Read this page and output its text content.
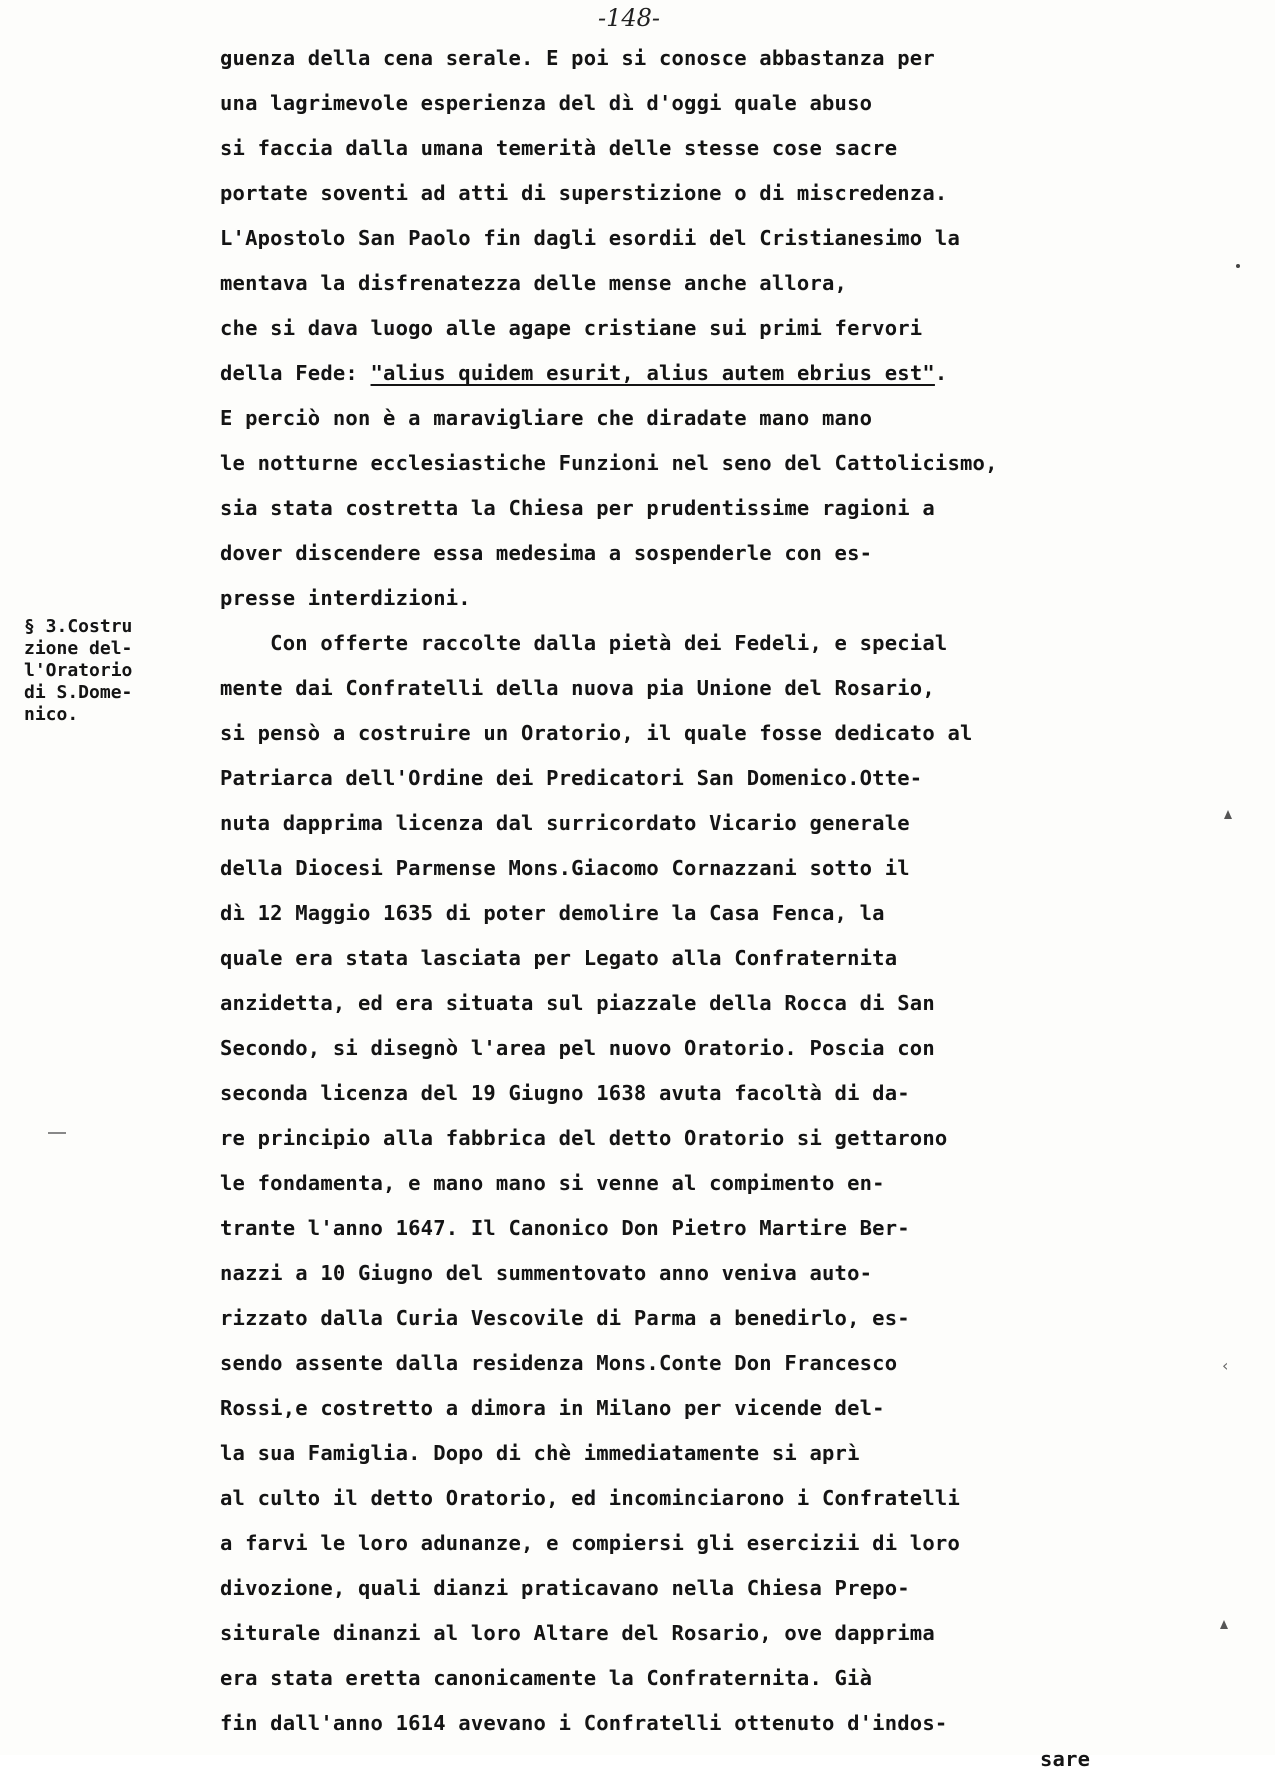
-148-
§ 3.Costru
zione del-
l'Oratorio
di S.Dome-
nico.
guenza della cena serale. E poi si conosce abbastanza per
una lagrimevole esperienza del dì d'oggi quale abuso
si faccia dalla umana temerità delle stesse cose sacre
portate soventi ad atti di superstizione o di miscredenza.
L'Apostolo San Paolo fin dagli esordii del Cristianesimo la
mentava la disfrenatezza delle mense anche allora,
che si dava luogo alle agape cristiane sui primi fervori
della Fede: "alius quidem esurit, alius autem ebrius est".
E perciò non è a maravigliare che diradate mano mano
le notturne ecclesiastiche Funzioni nel seno del Cattolicismo,
sia stata costretta la Chiesa per prudentissime ragioni a
dover discendere essa medesima a sospenderle con es-
presse interdizioni.
Con offerte raccolte dalla pietà dei Fedeli, e special
mente dai Confratelli della nuova pia Unione del Rosario,
si pensò a costruire un Oratorio, il quale fosse dedicato al
Patriarca dell'Ordine dei Predicatori San Domenico.Otte-
nuta dapprima licenza dal surricordato Vicario generale
della Diocesi Parmense Mons.Giacomo Cornazzani sotto il
dì 12 Maggio 1635 di poter demolire la Casa Fenca, la
quale era stata lasciata per Legato alla Confraternita
anzidetta, ed era situata sul piazzale della Rocca di San
Secondo, si disegnò l'area pel nuovo Oratorio. Poscia con
seconda licenza del 19 Giugno 1638 avuta facoltà di da-
re principio alla fabbrica del detto Oratorio si gettarono
le fondamenta, e mano mano si venne al compimento en-
trante l'anno 1647. Il Canonico Don Pietro Martire Ber-
nazzi a 10 Giugno del summentovato anno veniva auto-
rizzato dalla Curia Vescovile di Parma a benedirlo, es-
sendo assente dalla residenza Mons.Conte Don Francesco
Rossi,e costretto a dimora in Milano per vicende del-
la sua Famiglia. Dopo di chè immediatamente si aprì
al culto il detto Oratorio, ed incominciarono i Confratelli
a farvi le loro adunanze, e compiersi gli esercizii di loro
divozione, quali dianzi praticavano nella Chiesa Prepo-
siturale dinanzi al loro Altare del Rosario, ove dapprima
era stata eretta canonicamente la Confraternita. Già
fin dall'anno 1614 avevano i Confratelli ottenuto d'indos-
sare
‹
